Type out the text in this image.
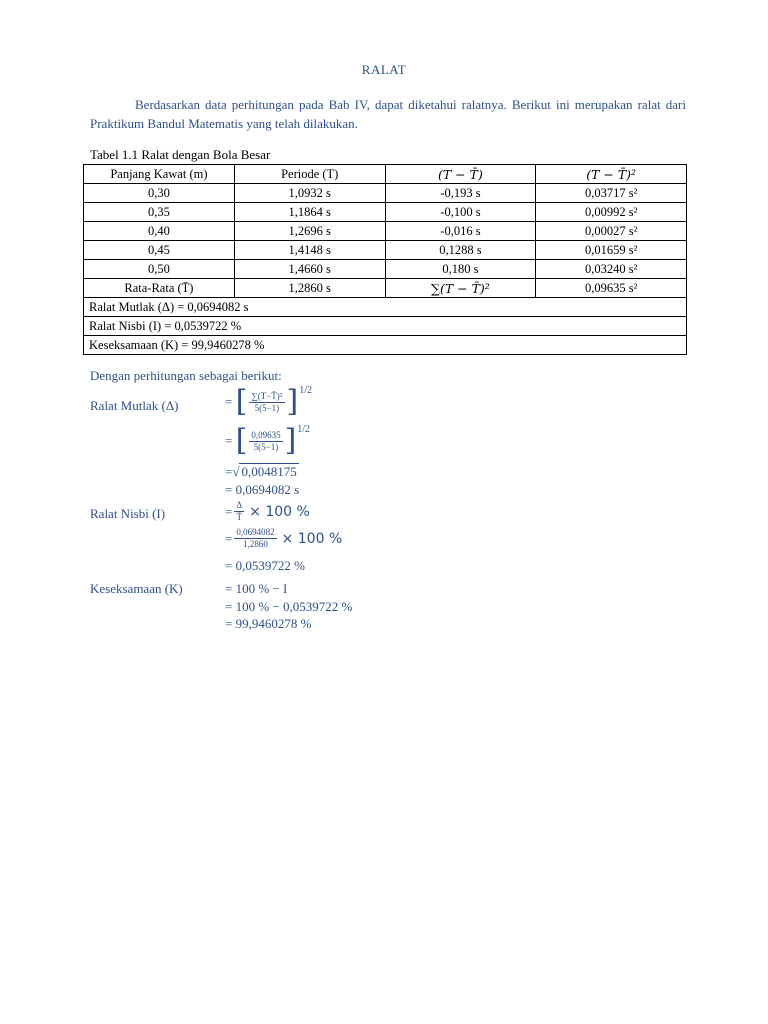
RALAT

Berdasarkan data perhitungan pada Bab IV, dapat diketahui ralatnya. Berikut ini merupakan ralat dari Praktikum Bandul Matematis yang telah dilakukan.

Tabel 1.1 Ralat dengan Bola Besar
Panjang Kawat (m)	Periode (T)	(T − T̄)	(T − T̄)²
0,30	1,0932 s	-0,193 s	0,03717 s²
0,35	1,1864 s	-0,100 s	0,00992 s²
0,40	1,2696 s	-0,016 s	0,00027 s²
0,45	1,4148 s	0,1288 s	0,01659 s²
0,50	1,4660 s	0,180 s	0,03240 s²
Rata-Rata (T̄)	1,2860 s	∑(T − T̄)²	0,09635 s²
Ralat Mutlak (Δ) = 0,0694082 s			
Ralat Nisbi (I) = 0,0539722 %			
Keseksamaan (K) = 99,9460278 %			
Dengan perhitungan sebagai berikut:
Ralat Mutlak (Δ)	= [ $\frac{\text{∑(T−T̄)²}}{5(5-1)}$ ] 1/2
= [ $\frac{0,09635}{5(5-1)}$ ] 1/2
= √ 0,0048175
= 0,0694082 s
Ralat Nisbi (I)	= $\frac{\Delta}{T̄} \times 100$ %
= $\frac{0,0694082}{1,2860} \times 100$ %
= 0,0539722 %
Keseksamaan (K)	= 100 % − I
= 100 % − 0,0539722 %
= 99,9460278 %
